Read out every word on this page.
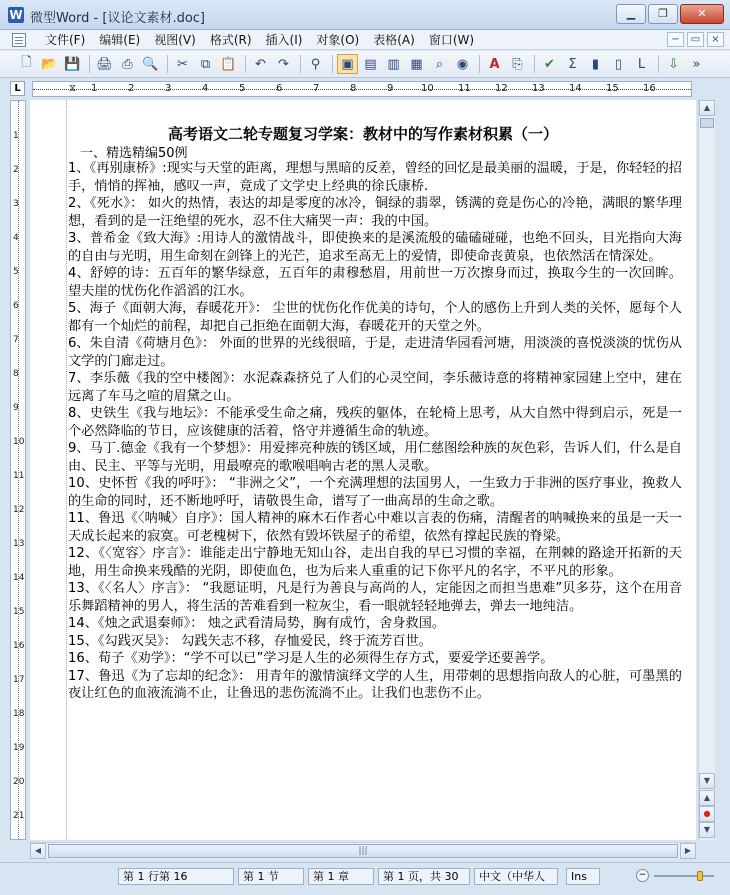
W 微型Word - [议论文素材.doc]	▁	❐	✕
文件(F)	编辑(E)	视图(V)	格式(R)	插入(I)	对象(O)	表格(A)	窗口(W)	−	▭	×
🗋 📂 💾 🖨 ⎙ 🔍	✂ ⧉ 📋	↶ ↷	⚲	▣ ▤ ▥ ▦	⌕	◉	A ⎘	✔	Σ	▮	▯	L	⇩	»
L	⧖ 1	2	3	4	5	6	7	8	9	10 11 12 13 14 15 16
1
2
3
4
5
6
7
8
9
10
11
12
13
14
15
16
17
18
19
20
21
高考语文二轮专题复习学案：教材中的写作素材积累（一）
一、精选精编50例

1、《再别康桥》:现实与天堂的距离，理想与黑暗的反差，曾经的回忆是最美丽的温暖，于是，你轻轻的招手，悄悄的挥袖，感叹一声，竟成了文学史上经典的徐氏康桥.

2、《死水》： 如火的热情，表达的却是零度的冰冷，铜绿的翡翠，锈满的竟是伤心的冷艳，满眼的繁华理想，看到的是一汪绝望的死水，忍不住大痛哭一声：我的中国。

3、普希金《致大海》:用诗人的激情战斗，即使换来的是溪流般的磕磕碰碰，也绝不回头，目光指向大海的自由与光明，用生命刻在剑锋上的光芒，追求至高无上的爱情，即使命丧黄泉，也依然活在情深处。

4、舒婷的诗：五百年的繁华绿意，五百年的肃穆愁眉，用前世一万次擦身而过，换取今生的一次回眸。望夫崖的忧伤化作滔滔的江水。

5、海子《面朝大海，春暖花开》： 尘世的忧伤化作优美的诗句，个人的感伤上升到人类的关怀，愿每个人都有一个灿烂的前程，却把自己拒绝在面朝大海，春暖花开的天堂之外。

6、朱自清《荷塘月色》： 外面的世界的光线很暗，于是，走进清华园看河塘，用淡淡的喜悦淡淡的忧伤从文学的门廊走过。

7、李乐薇《我的空中楼阁》：水泥森森挤兑了人们的心灵空间，李乐薇诗意的将精神家园建上空中，建在远离了车马之喧的眉黛之山。

8、史铁生《我与地坛》：不能承受生命之痛，残疾的躯体，在轮椅上思考，从大自然中得到启示，死是一个必然降临的节日，应该健康的活着，恪守并遵循生命的轨迹。

9、马丁.德金《我有一个梦想》：用爱摔亮种族的锈区域，用仁慈图绘种族的灰色彩，告诉人们，什么是自由、民主、平等与光明，用最嘹亮的歌喉唱响古老的黑人灵歌。

10、史怀哲《我的呼吁》： “非洲之父”，一个充满理想的法国男人，一生致力于非洲的医疗事业，挽救人的生命的同时，还不断地呼吁，请敬畏生命，谱写了一曲高昂的生命之歌。

11、鲁迅《〈呐喊〉自序》：国人精神的麻木石作者心中难以言表的伤痛，清醒者的呐喊换来的虽是一天一天成长起来的寂寞。可老槐树下，依然有毁坏铁屋子的希望，依然有撑起民族的脊梁。

12、《〈宽容〉序言》：谁能走出宁静地无知山谷，走出自我的早已习惯的幸福，在荆棘的路途开拓新的天地，用生命换来残酷的光阴，即使血色，也为后来人重重的记下你平凡的名字，不平凡的形象。

13、《〈名人〉序言》： “我愿证明，凡是行为善良与高尚的人，定能因之而担当患难”贝多芬，这个在用音乐舞蹈精神的男人，将生活的苦难看到一粒灰尘，看一眼就轻轻地弹去，弹去一地纯洁。

14、《烛之武退秦师》： 烛之武看清局势，胸有成竹，舍身救国。

15、《勾践灭吴》： 勾践矢志不移，存恤爱民，终于流芳百世。

16、荀子《劝学》：“学不可以已”学习是人生的必须得生存方式，要爱学还要善学。

17、鲁迅《为了忘却的纪念》： 用青年的激情演绎文学的人生，用带刺的思想指向敌人的心脏，可墨黑的夜让红色的血液流淌不止，让鲁迅的悲伤流淌不止。让我们也悲伤不止。

▲
▼
▲
●
▼
◀	|||	▶
第 1 行第 16	第 1 节	第 1 章	第 1 页，共 30	中文（中华人	Ins	−
